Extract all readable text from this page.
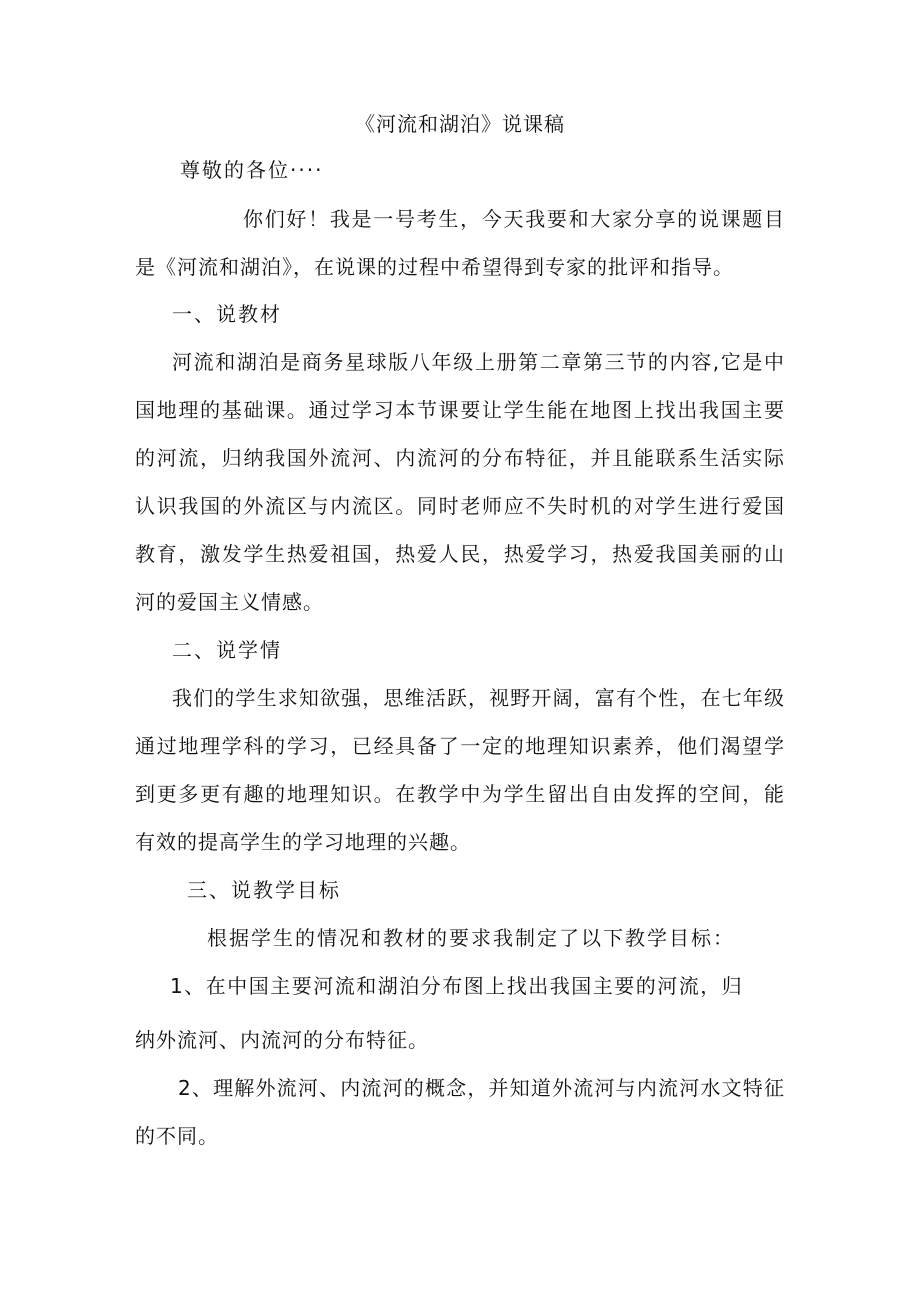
《河流和湖泊》说课稿
尊敬的各位····
你们好！我是一号考生，今天我要和大家分享的说课题目
是《河流和湖泊》，在说课的过程中希望得到专家的批评和指导。
一、说教材
河流和湖泊是商务星球版八年级上册第二章第三节的内容,它是中
国地理的基础课。通过学习本节课要让学生能在地图上找出我国主要
的河流，归纳我国外流河、内流河的分布特征，并且能联系生活实际
认识我国的外流区与内流区。同时老师应不失时机的对学生进行爱国
教育，激发学生热爱祖国，热爱人民，热爱学习，热爱我国美丽的山
河的爱国主义情感。
二、说学情
我们的学生求知欲强，思维活跃，视野开阔，富有个性，在七年级
通过地理学科的学习，已经具备了一定的地理知识素养，他们渴望学
到更多更有趣的地理知识。在教学中为学生留出自由发挥的空间，能
有效的提高学生的学习地理的兴趣。
三、说教学目标
根据学生的情况和教材的要求我制定了以下教学目标：
1、在中国主要河流和湖泊分布图上找出我国主要的河流，归
纳外流河、内流河的分布特征。
2、理解外流河、内流河的概念，并知道外流河与内流河水文特征
的不同。
